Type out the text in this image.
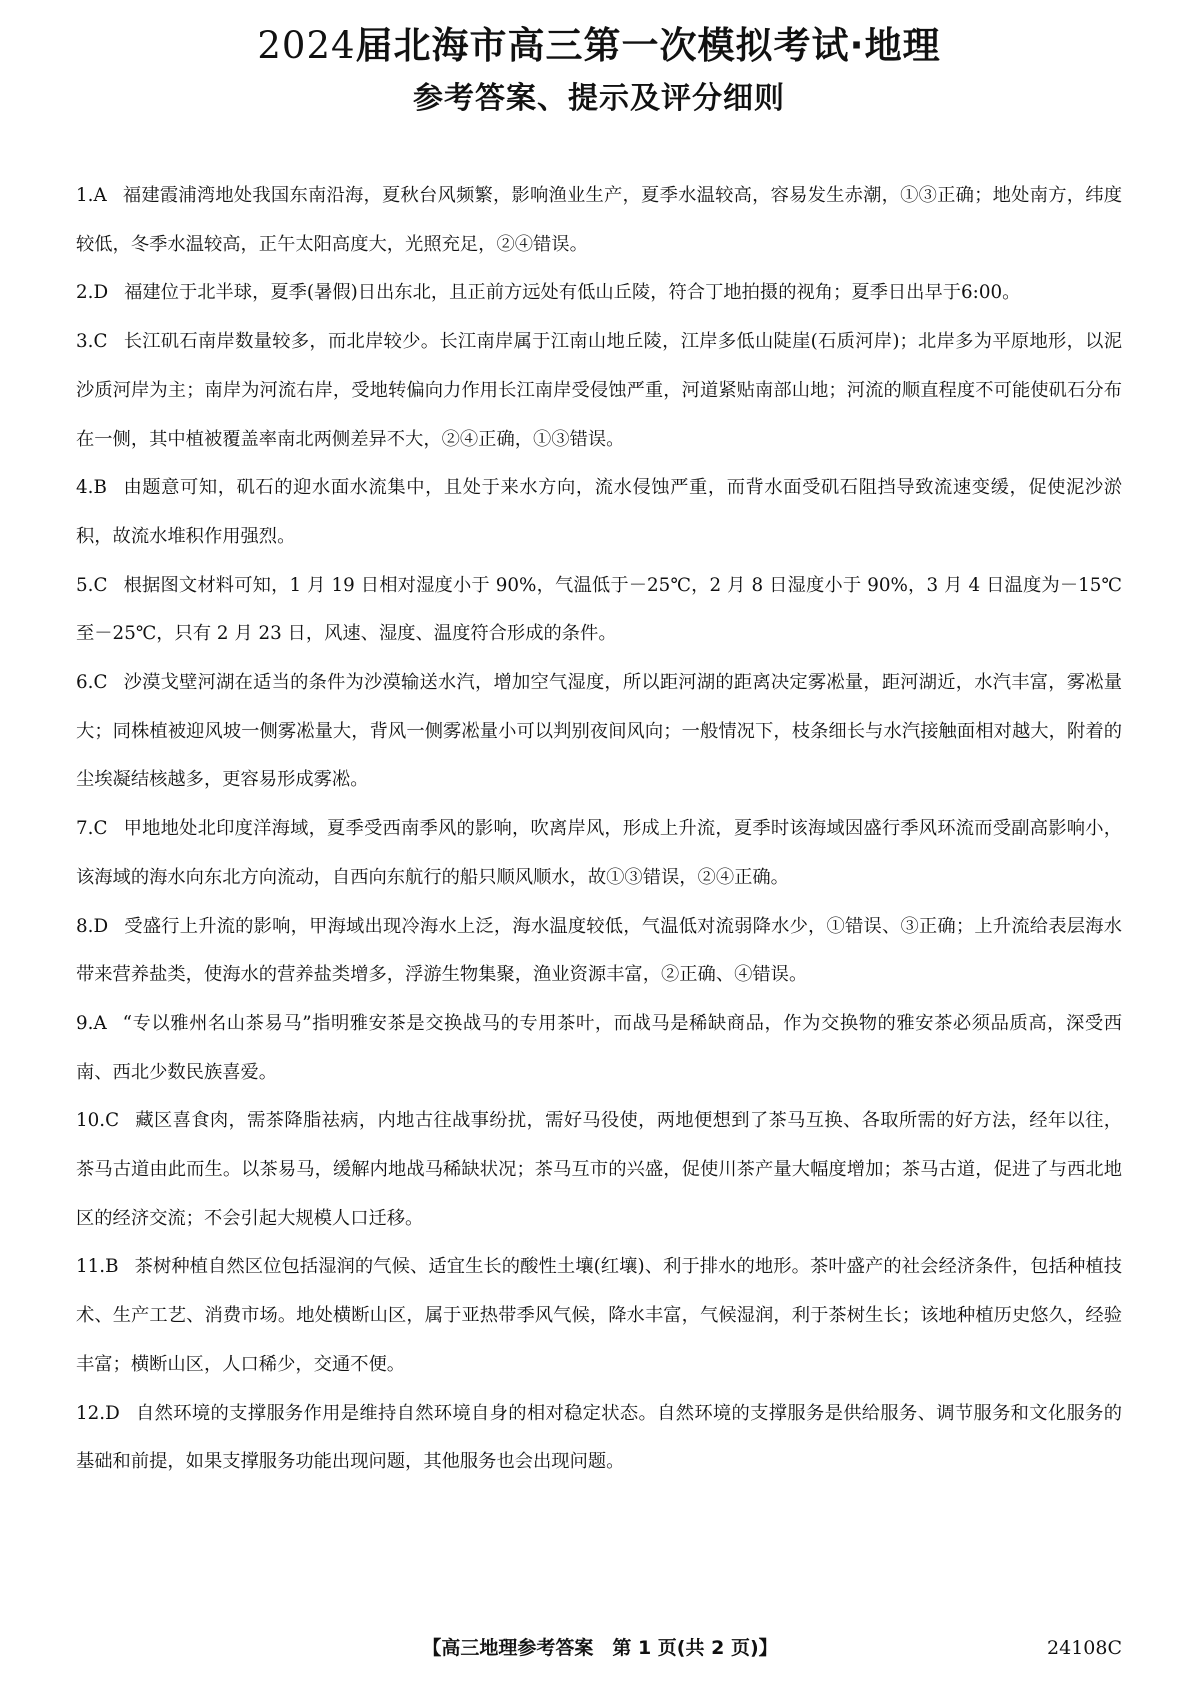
2024届北海市高三第一次模拟考试·地理
参考答案、提示及评分细则

1.A 福建霞浦湾地处我国东南沿海，夏秋台风频繁，影响渔业生产，夏季水温较高，容易发生赤潮，①③正确；地处南方，纬度较低，冬季水温较高，正午太阳高度大，光照充足，②④错误。

2.D 福建位于北半球，夏季(暑假)日出东北，且正前方远处有低山丘陵，符合丁地拍摄的视角；夏季日出早于6:00。

3.C 长江矶石南岸数量较多，而北岸较少。长江南岸属于江南山地丘陵，江岸多低山陡崖(石质河岸)；北岸多为平原地形，以泥沙质河岸为主；南岸为河流右岸，受地转偏向力作用长江南岸受侵蚀严重，河道紧贴南部山地；河流的顺直程度不可能使矶石分布在一侧，其中植被覆盖率南北两侧差异不大，②④正确，①③错误。

4.B 由题意可知，矶石的迎水面水流集中，且处于来水方向，流水侵蚀严重，而背水面受矶石阻挡导致流速变缓，促使泥沙淤积，故流水堆积作用强烈。

5.C 根据图文材料可知，1 月 19 日相对湿度小于 90%，气温低于－25℃，2 月 8 日湿度小于 90%，3 月 4 日温度为－15℃至－25℃，只有 2 月 23 日，风速、湿度、温度符合形成的条件。

6.C 沙漠戈壁河湖在适当的条件为沙漠输送水汽，增加空气湿度，所以距河湖的距离决定雾凇量，距河湖近，水汽丰富，雾凇量大；同株植被迎风坡一侧雾凇量大，背风一侧雾凇量小可以判别夜间风向；一般情况下，枝条细长与水汽接触面相对越大，附着的尘埃凝结核越多，更容易形成雾凇。

7.C 甲地地处北印度洋海域，夏季受西南季风的影响，吹离岸风，形成上升流，夏季时该海域因盛行季风环流而受副高影响小，该海域的海水向东北方向流动，自西向东航行的船只顺风顺水，故①③错误，②④正确。

8.D 受盛行上升流的影响，甲海域出现冷海水上泛，海水温度较低，气温低对流弱降水少，①错误、③正确；上升流给表层海水带来营养盐类，使海水的营养盐类增多，浮游生物集聚，渔业资源丰富，②正确、④错误。

9.A “专以雅州名山茶易马”指明雅安茶是交换战马的专用茶叶，而战马是稀缺商品，作为交换物的雅安茶必须品质高，深受西南、西北少数民族喜爱。

10.C 藏区喜食肉，需茶降脂祛病，内地古往战事纷扰，需好马役使，两地便想到了茶马互换、各取所需的好方法，经年以往，茶马古道由此而生。以茶易马，缓解内地战马稀缺状况；茶马互市的兴盛，促使川茶产量大幅度增加；茶马古道，促进了与西北地区的经济交流；不会引起大规模人口迁移。

11.B 茶树种植自然区位包括湿润的气候、适宜生长的酸性土壤(红壤)、利于排水的地形。茶叶盛产的社会经济条件，包括种植技术、生产工艺、消费市场。地处横断山区，属于亚热带季风气候，降水丰富，气候湿润，利于茶树生长；该地种植历史悠久，经验丰富；横断山区，人口稀少，交通不便。

12.D 自然环境的支撑服务作用是维持自然环境自身的相对稳定状态。自然环境的支撑服务是供给服务、调节服务和文化服务的基础和前提，如果支撑服务功能出现问题，其他服务也会出现问题。

【高三地理参考答案　第 1 页(共 2 页)】	24108C
